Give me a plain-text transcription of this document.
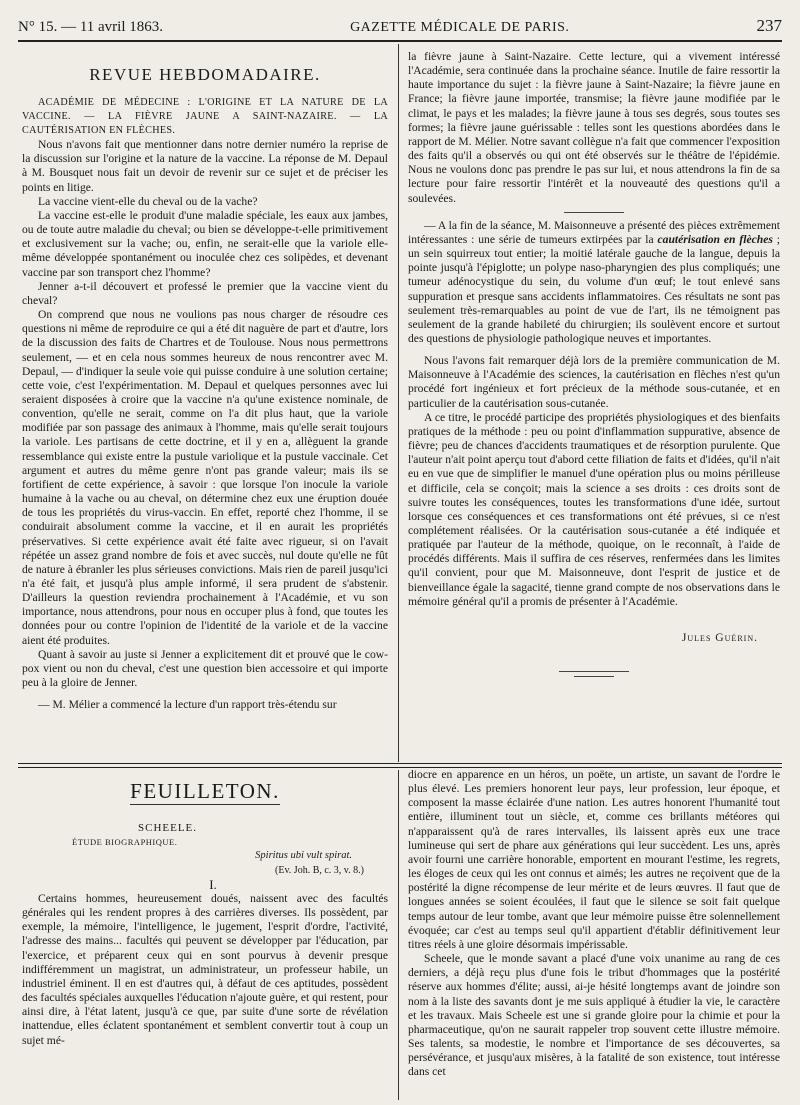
N° 15. — 11 avril 1863.	GAZETTE MÉDICALE DE PARIS.	237
REVUE HEBDOMADAIRE.

ACADÉMIE DE MÉDECINE : L'ORIGINE ET LA NATURE DE LA VACCINE. — LA FIÈVRE JAUNE A SAINT-NAZAIRE. — LA CAUTÉRISATION EN FLÈCHES.

Nous n'avons fait que mentionner dans notre dernier numéro la reprise de la discussion sur l'origine et la nature de la vaccine. La réponse de M. Depaul à M. Bousquet nous fait un devoir de revenir sur ce sujet et de préciser les points en litige.

La vaccine vient-elle du cheval ou de la vache?

La vaccine est-elle le produit d'une maladie spéciale, les eaux aux jambes, ou de toute autre maladie du cheval; ou bien se développe-t-elle primitivement et exclusivement sur la vache; ou, enfin, ne serait-elle que la variole elle-même développée spontanément ou inoculée chez ces solipèdes, et devenant vaccine par son transport chez l'homme?

Jenner a-t-il découvert et professé le premier que la vaccine vient du cheval?

On comprend que nous ne voulions pas nous charger de résoudre ces questions ni même de reproduire ce qui a été dit naguère de part et d'autre, lors de la discussion des faits de Chartres et de Toulouse. Nous nous permettrons seulement, — et en cela nous sommes heureux de nous rencontrer avec M. Depaul, — d'indiquer la seule voie qui puisse conduire à une solution certaine; cette voie, c'est l'expérimentation. M. Depaul et quelques personnes avec lui seraient disposées à croire que la vaccine n'a qu'une existence nominale, de convention, qu'elle ne serait, comme on l'a dit plus haut, que la variole modifiée par son passage des animaux à l'homme, mais qu'elle serait toujours la variole. Les partisans de cette doctrine, et il y en a, allèguent la grande ressemblance qui existe entre la pustule variolique et la pustule vaccinale. Cet argument et autres du même genre n'ont pas grande valeur; mais ils se fortifient de cette expérience, à savoir : que lorsque l'on inocule la variole humaine à la vache ou au cheval, on détermine chez eux une éruption douée de tous les propriétés du virus-vaccin. En effet, reporté chez l'homme, il se conduirait absolument comme la vaccine, et il en aurait les propriétés préservatives. Si cette expérience avait été faite avec rigueur, si on l'avait répétée un assez grand nombre de fois et avec succès, nul doute qu'elle ne fût de nature à ébranler les plus sérieuses convictions. Mais rien de pareil jusqu'ici n'a été fait, et jusqu'à plus ample informé, il sera prudent de s'abstenir. D'ailleurs la question reviendra prochainement à l'Académie, et vu son importance, nous attendrons, pour nous en occuper plus à fond, que toutes les données pour ou contre l'opinion de l'identité de la variole et de la vaccine aient été produites.

Quant à savoir au juste si Jenner a explicitement dit et prouvé que le cow-pox vient ou non du cheval, c'est une question bien accessoire et qui importe peu à la gloire de Jenner.

— M. Mélier a commencé la lecture d'un rapport très-étendu sur

la fièvre jaune à Saint-Nazaire. Cette lecture, qui a vivement intéressé l'Académie, sera continuée dans la prochaine séance. Inutile de faire ressortir la haute importance du sujet : la fièvre jaune à Saint-Nazaire; la fièvre jaune en France; la fièvre jaune importée, transmise; la fièvre jaune modifiée par le climat, le pays et les malades; la fièvre jaune à tous ses degrés, sous toutes ses formes; la fièvre jaune guérissable : telles sont les questions abordées dans le rapport de M. Mélier. Notre savant collègue n'a fait que commencer l'exposition des faits qu'il a observés ou qui ont été observés sur le théâtre de l'épidémie. Nous ne voulons donc pas prendre le pas sur lui, et nous attendrons la fin de sa lecture pour faire ressortir l'intérêt et la nouveauté des questions qu'il a soulevées.

— A la fin de la séance, M. Maisonneuve a présenté des pièces extrêmement intéressantes : une série de tumeurs extirpées par la cautérisation en flèches ; un sein squirreux tout entier; la moitié latérale gauche de la langue, depuis la pointe jusqu'à l'épiglotte; un polype naso-pharyngien des plus compliqués; une tumeur adénocystique du sein, du volume d'un œuf; le tout enlevé sans suppuration et presque sans accidents inflammatoires. Ces résultats ne sont pas seulement très-remarquables au point de vue de l'art, ils ne témoignent pas seulement de la grande habileté du chirurgien; ils soulèvent encore et surtout des questions de physiologie pathologique neuves et importantes.

Nous l'avons fait remarquer déjà lors de la première communication de M. Maisonneuve à l'Académie des sciences, la cautérisation en flèches n'est qu'un procédé fort ingénieux et fort précieux de la méthode sous-cutanée, et en particulier de la cautérisation sous-cutanée.

A ce titre, le procédé participe des propriétés physiologiques et des bienfaits pratiques de la méthode : peu ou point d'inflammation suppurative, absence de fièvre; peu de chances d'accidents traumatiques et de résorption purulente. Que l'auteur n'ait point aperçu tout d'abord cette filiation de faits et d'idées, qu'il n'ait eu en vue que de simplifier le manuel d'une opération plus ou moins périlleuse et difficile, cela se conçoit; mais la science a ses droits : ces droits sont de suivre toutes les conséquences, toutes les transformations d'une idée, surtout lorsque ces conséquences et ces transformations ont été prévues, si ce n'est complétement réalisées. Or la cautérisation sous-cutanée a été indiquée et pratiquée par l'auteur de la méthode, quoique, on le reconnaît, à l'aide de procédés différents. Mais il suffira de ces réserves, renfermées dans les limites qu'il convient, pour que M. Maisonneuve, dont l'esprit de justice et de bienveillance égale la sagacité, tienne grand compte de nos observations dans le mémoire général qu'il a promis de présenter à l'Académie.

Jules Guérin.
FEUILLETON.

SCHEELE.

ÉTUDE BIOGRAPHIQUE.

Spiritus ubi vult spirat.

(Ev. Joh. B, c. 3, v. 8.)

I.

Certains hommes, heureusement doués, naissent avec des facultés générales qui les rendent propres à des carrières diverses. Ils possèdent, par exemple, la mémoire, l'intelligence, le jugement, l'esprit d'ordre, l'activité, l'adresse des mains... facultés qui peuvent se développer par l'éducation, par l'exercice, et préparent ceux qui en sont pourvus à devenir presque indifféremment un magistrat, un administrateur, un professeur habile, un industriel éminent. Il en est d'autres qui, à défaut de ces aptitudes, possèdent des facultés spéciales auxquelles l'éducation n'ajoute guère, et qui restent, pour ainsi dire, à l'état latent, jusqu'à ce que, par suite d'une sorte de révélation inattendue, elles éclatent spontanément et semblent convertir tout à coup un sujet mé-

diocre en apparence en un héros, un poëte, un artiste, un savant de l'ordre le plus élevé. Les premiers honorent leur pays, leur profession, leur époque, et composent la masse éclairée d'une nation. Les autres honorent l'humanité tout entière, illuminent tout un siècle, et, comme ces brillants météores qui n'apparaissent qu'à de rares intervalles, ils laissent après eux une trace lumineuse qui sert de phare aux générations qui leur succèdent. Les uns, après avoir fourni une carrière honorable, emportent en mourant l'estime, les regrets, les éloges de ceux qui les ont connus et aimés; les autres ne reçoivent que de la postérité la digne récompense de leur mérite et de leurs œuvres. Il faut que de longues années se soient écoulées, il faut que le silence se soit fait quelque temps autour de leur tombe, avant que leur mémoire puisse être solennellement évoquée; car c'est au temps seul qu'il appartient d'établir définitivement leur titres réels à une gloire désormais impérissable.

Scheele, que le monde savant a placé d'une voix unanime au rang de ces derniers, a déjà reçu plus d'une fois le tribut d'hommages que la postérité réserve aux hommes d'élite; aussi, ai-je hésité longtemps avant de joindre son nom à la liste des savants dont je me suis appliqué à étudier la vie, le caractère et les travaux. Mais Scheele est une si grande gloire pour la chimie et pour la pharmaceutique, qu'on ne saurait rappeler trop souvent cette illustre mémoire. Ses talents, sa modestie, le nombre et l'importance de ses découvertes, sa persévérance, et jusqu'aux misères, à la fatalité de son existence, tout intéresse dans cet
